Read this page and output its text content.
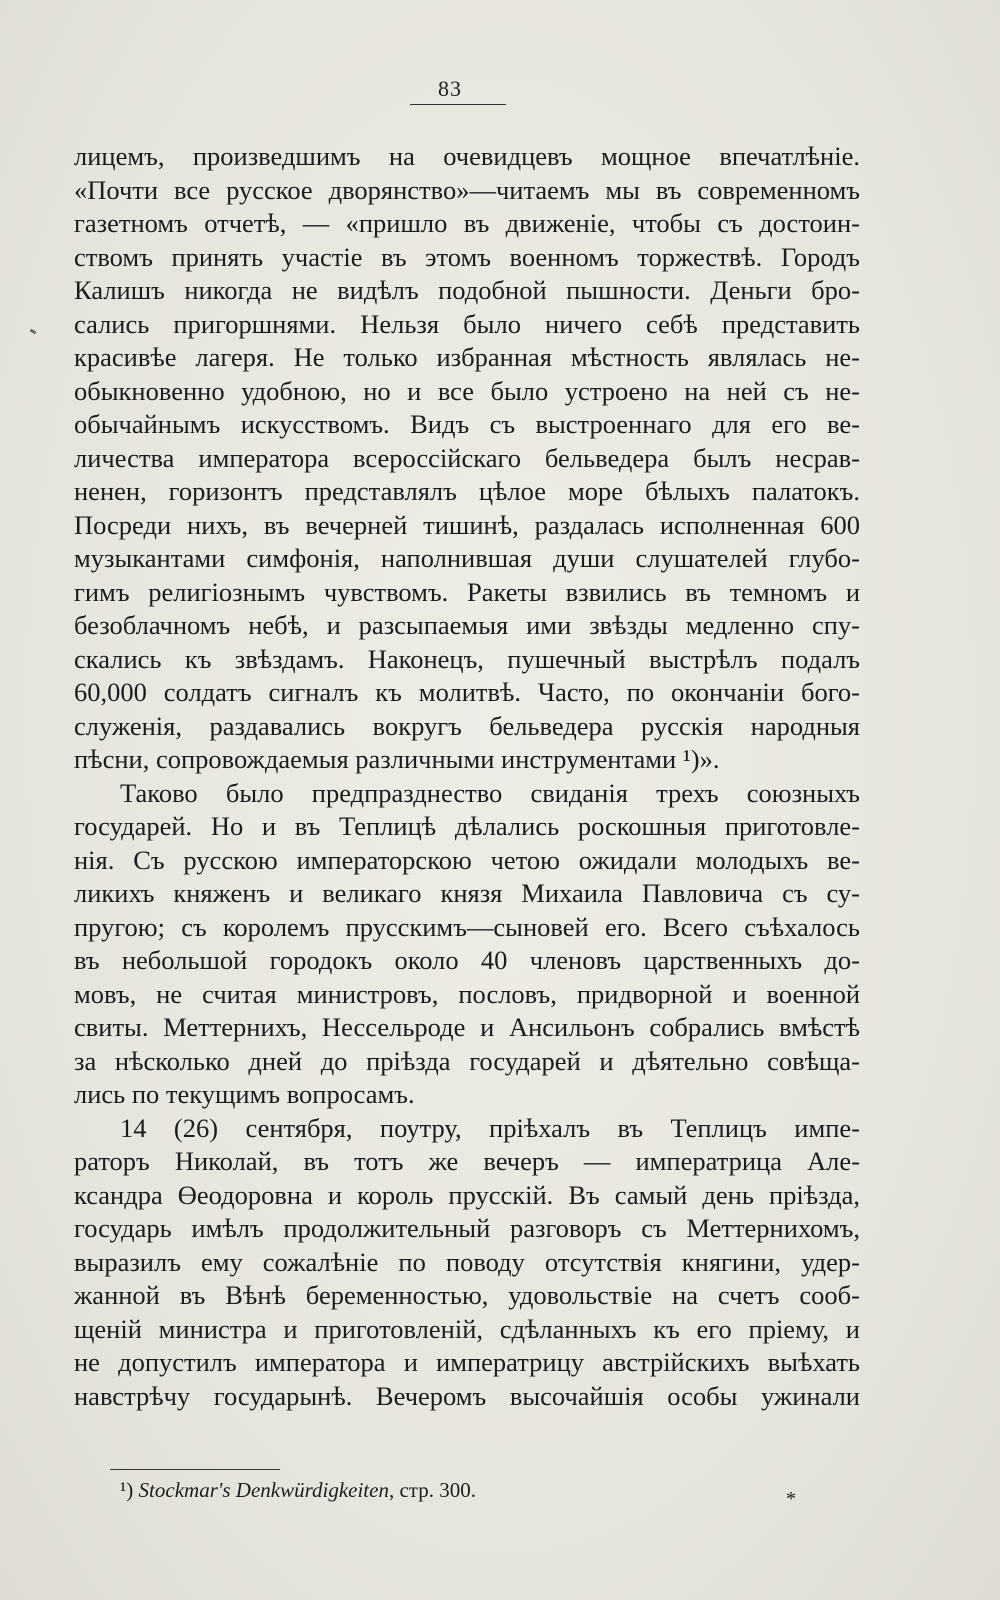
83
лицемъ, произведшимъ на очевидцевъ мощное впечатлѣніе.
«Почти все русское дворянство»—читаемъ мы въ современномъ
газетномъ отчетѣ, — «пришло въ движеніе, чтобы съ достоин-
ствомъ принять участіе въ этомъ военномъ торжествѣ. Городъ
Калишъ никогда не видѣлъ подобной пышности. Деньги бро-
сались пригоршнями. Нельзя было ничего себѣ представить
красивѣе лагеря. Не только избранная мѣстность являлась не-
обыкновенно удобною, но и все было устроено на ней съ не-
обычайнымъ искусствомъ. Видъ съ выстроеннаго для его ве-
личества императора всероссійскаго бельведера былъ несрав-
ненен, горизонтъ представлялъ цѣлое море бѣлыхъ палатокъ.
Посреди нихъ, въ вечерней тишинѣ, раздалась исполненная 600
музыкантами симфонія, наполнившая души слушателей глубо-
гимъ религіознымъ чувствомъ. Ракеты взвились въ темномъ и
безоблачномъ небѣ, и разсыпаемыя ими звѣзды медленно спу-
скались къ звѣздамъ. Наконецъ, пушечный выстрѣлъ подалъ
60,000 солдатъ сигналъ къ молитвѣ. Часто, по окончаніи бого-
служенія, раздавались вокругъ бельведера русскія народныя
пѣсни, сопровождаемыя различными инструментами ¹)».
Таково было предпразднество свиданія трехъ союзныхъ
государей. Но и въ Теплицѣ дѣлались роскошныя приготовле-
нія. Съ русскою императорскою четою ожидали молодыхъ ве-
ликихъ княженъ и великаго князя Михаила Павловича съ су-
пругою; съ королемъ прусскимъ—сыновей его. Всего съѣхалось
въ небольшой городокъ около 40 членовъ царственныхъ до-
мовъ, не считая министровъ, пословъ, придворной и военной
свиты. Меттернихъ, Нессельроде и Ансильонъ собрались вмѣстѣ
за нѣсколько дней до пріѣзда государей и дѣятельно совѣща-
лись по текущимъ вопросамъ.
14 (26) сентября, поутру, пріѣхалъ въ Теплицъ импе-
раторъ Николай, въ тотъ же вечеръ — императрица Але-
ксандра Өеодоровна и король прусскій. Въ самый день пріѣзда,
государь имѣлъ продолжительный разговоръ съ Меттернихомъ,
выразилъ ему сожалѣніе по поводу отсутствія княгини, удер-
жанной въ Вѣнѣ беременностью, удовольствіе на счетъ сооб-
щеній министра и приготовленій, сдѣланныхъ къ его пріему, и
не допустилъ императора и императрицу австрійскихъ выѣхать
навстрѣчу государынѣ. Вечеромъ высочайшія особы ужинали
¹) Stockmar's Denkwürdigkeiten, стр. 300.	*
